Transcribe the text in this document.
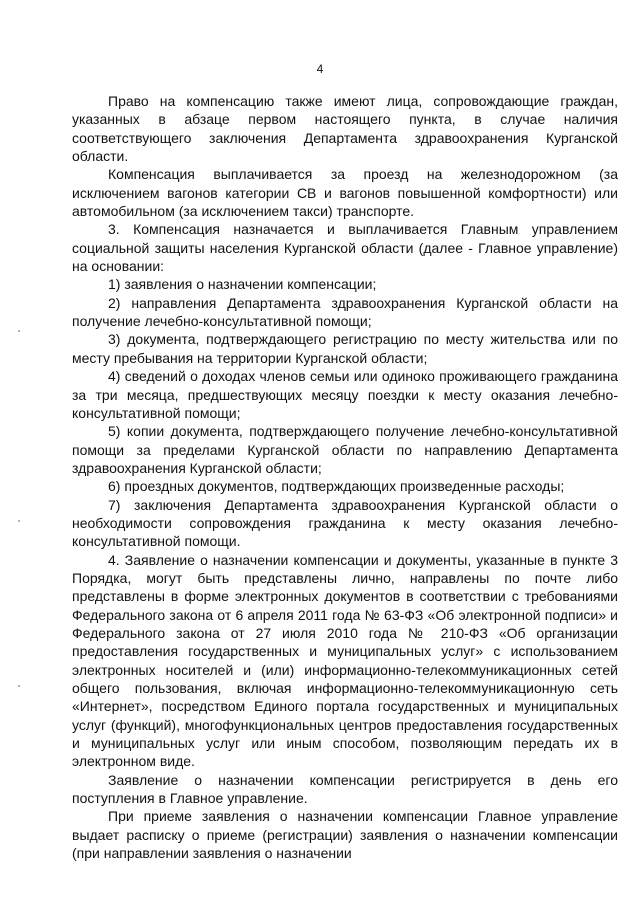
4

Право на компенсацию также имеют лица, сопровождающие граждан, указанных в абзаце первом настоящего пункта, в случае наличия соответствующего заключения Департамента здравоохранения Курганской области.

Компенсация выплачивается за проезд на железнодорожном (за исключением вагонов категории СВ и вагонов повышенной комфортности) или автомобильном (за исключением такси) транспорте.

3. Компенсация назначается и выплачивается Главным управлением социальной защиты населения Курганской области (далее - Главное управление) на основании:

1) заявления о назначении компенсации;

2) направления Департамента здравоохранения Курганской области на получение лечебно-консультативной помощи;

3) документа, подтверждающего регистрацию по месту жительства или по месту пребывания на территории Курганской области;

4) сведений о доходах членов семьи или одиноко проживающего гражданина за три месяца, предшествующих месяцу поездки к месту оказания лечебно-консультативной помощи;

5) копии документа, подтверждающего получение лечебно-консультативной помощи за пределами Курганской области по направлению Департамента здравоохранения Курганской области;

6) проездных документов, подтверждающих произведенные расходы;

7) заключения Департамента здравоохранения Курганской области о необходимости сопровождения гражданина к месту оказания лечебно-консультативной помощи.

4. Заявление о назначении компенсации и документы, указанные в пункте 3 Порядка, могут быть представлены лично, направлены по почте либо представлены в форме электронных документов в соответствии с требованиями Федерального закона от 6 апреля 2011 года № 63-ФЗ «Об электронной подписи» и Федерального закона от 27 июля 2010 года № 210-ФЗ «Об организации предоставления государственных и муниципальных услуг» с использованием электронных носителей и (или) информационно-телекоммуникационных сетей общего пользования, включая информационно-телекоммуникационную сеть «Интернет», посредством Единого портала государственных и муниципальных услуг (функций), многофункциональных центров предоставления государственных и муниципальных услуг или иным способом, позволяющим передать их в электронном виде.

Заявление о назначении компенсации регистрируется в день его поступления в Главное управление.

При приеме заявления о назначении компенсации Главное управление выдает расписку о приеме (регистрации) заявления о назначении компенсации (при направлении заявления о назначении
